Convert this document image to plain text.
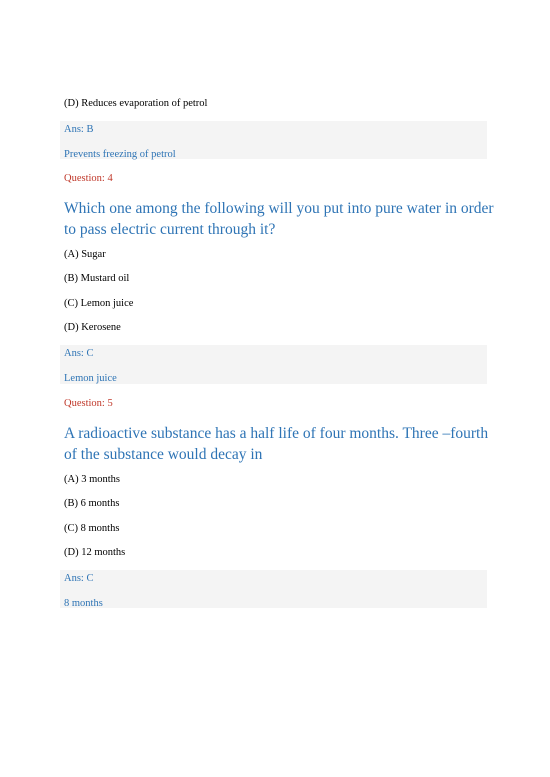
(D) Reduces evaporation of petrol
Ans: B
Prevents freezing of petrol
Question: 4
Which one among the following will you put into pure water in order to pass electric current through it?
(A) Sugar
(B) Mustard oil
(C) Lemon juice
(D) Kerosene
Ans: C
Lemon juice
Question: 5
A radioactive substance has a half life of four months. Three –fourth of the substance would decay in
(A) 3 months
(B) 6 months
(C) 8 months
(D) 12 months
Ans: C
8 months
